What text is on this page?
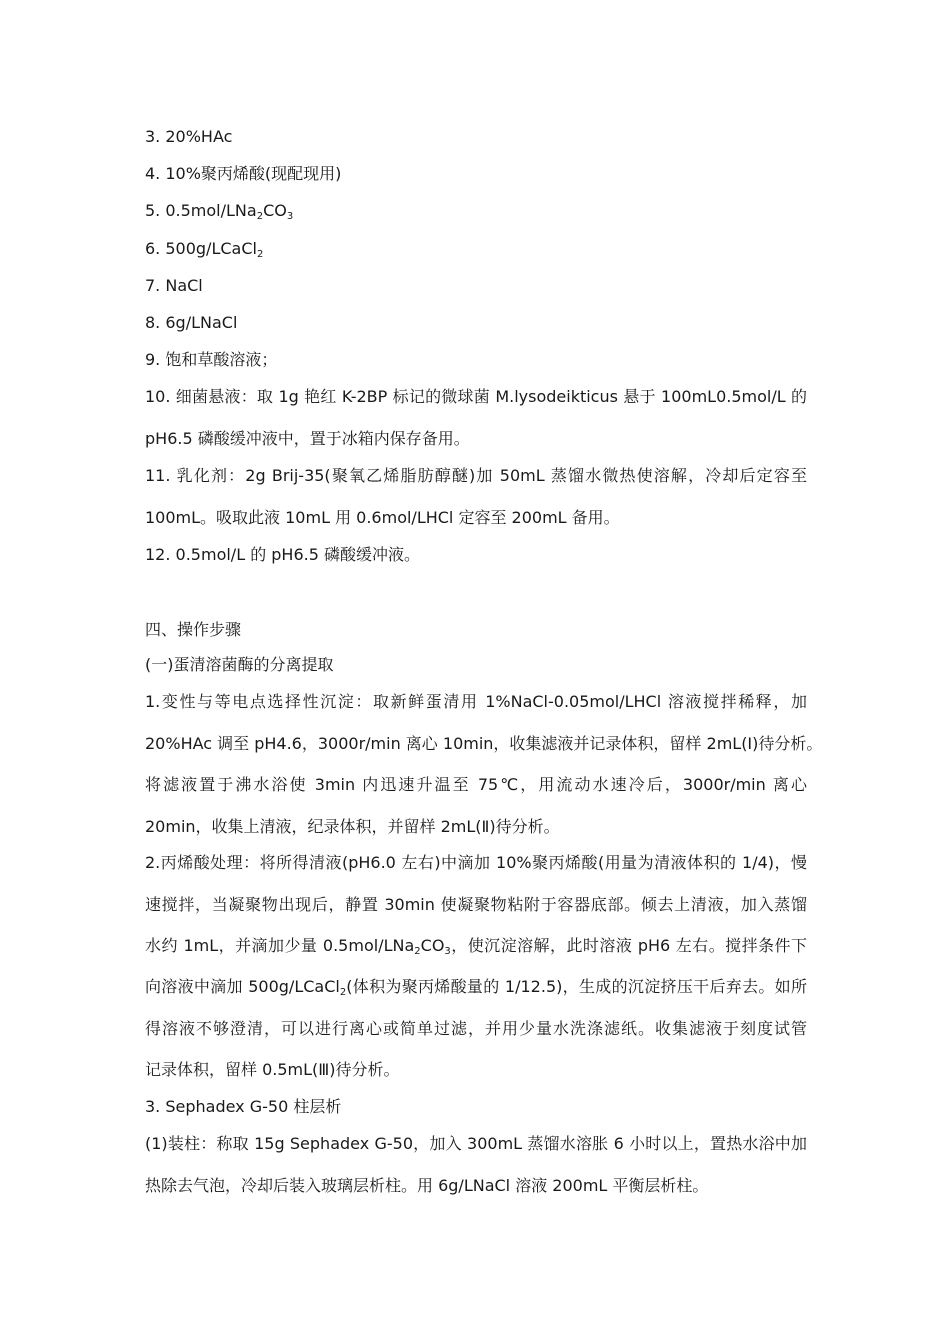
3. 20%HAc
4. 10%聚丙烯酸(现配现用)
5. $0.5mol/LNa_2CO_3$
6. 500g/LCaCl$_2$
7. NaCl
8. 6g/LNaCl
9. 饱和草酸溶液；
10. 细菌悬液：取 1g 艳红 K-2BP 标记的微球菌 M.lysodeikticus 悬于 100mL0.5mol/L 的
pH6.5 磷酸缓冲液中，置于冰箱内保存备用。
11. 乳化剂：2g Brij-35(聚氧乙烯脂肪醇醚)加 50mL 蒸馏水微热使溶解，冷却后定容至
100mL。吸取此液 10mL 用 0.6mol/LHCl 定容至 200mL 备用。
12. 0.5mol/L 的 pH6.5 磷酸缓冲液。
四、操作步骤
(一)蛋清溶菌酶的分离提取
1.变性与等电点选择性沉淀：取新鲜蛋清用 1%NaCl-0.05mol/LHCl 溶液搅拌稀释，加
20%HAc 调至 pH4.6，3000r/min 离心 10min，收集滤液并记录体积，留样 2mL(Ⅰ)待分析。
将滤液置于沸水浴使 3min 内迅速升温至 75℃，用流动水速冷后，3000r/min 离心
20min，收集上清液，纪录体积，并留样 2mL(Ⅱ)待分析。
2.丙烯酸处理：将所得清液(pH6.0 左右)中滴加 10%聚丙烯酸(用量为清液体积的 1/4)，慢
速搅拌，当凝聚物出现后，静置 30min 使凝聚物粘附于容器底部。倾去上清液，加入蒸馏
水约 1mL，并滴加少量 $0.5mol/LNa_2CO_3$，使沉淀溶解，此时溶液 pH6 左右。搅拌条件下
向溶液中滴加 500g/LCaCl$_2$(体积为聚丙烯酸量的 1/12.5)，生成的沉淀挤压干后弃去。如所
得溶液不够澄清，可以进行离心或简单过滤，并用少量水洗涤滤纸。收集滤液于刻度试管
记录体积，留样 0.5mL(Ⅲ)待分析。
3. Sephadex G-50 柱层析
(1)装柱：称取 15g Sephadex G-50，加入 300mL 蒸馏水溶胀 6 小时以上，置热水浴中加
热除去气泡，冷却后装入玻璃层析柱。用 6g/LNaCl 溶液 200mL 平衡层析柱。
